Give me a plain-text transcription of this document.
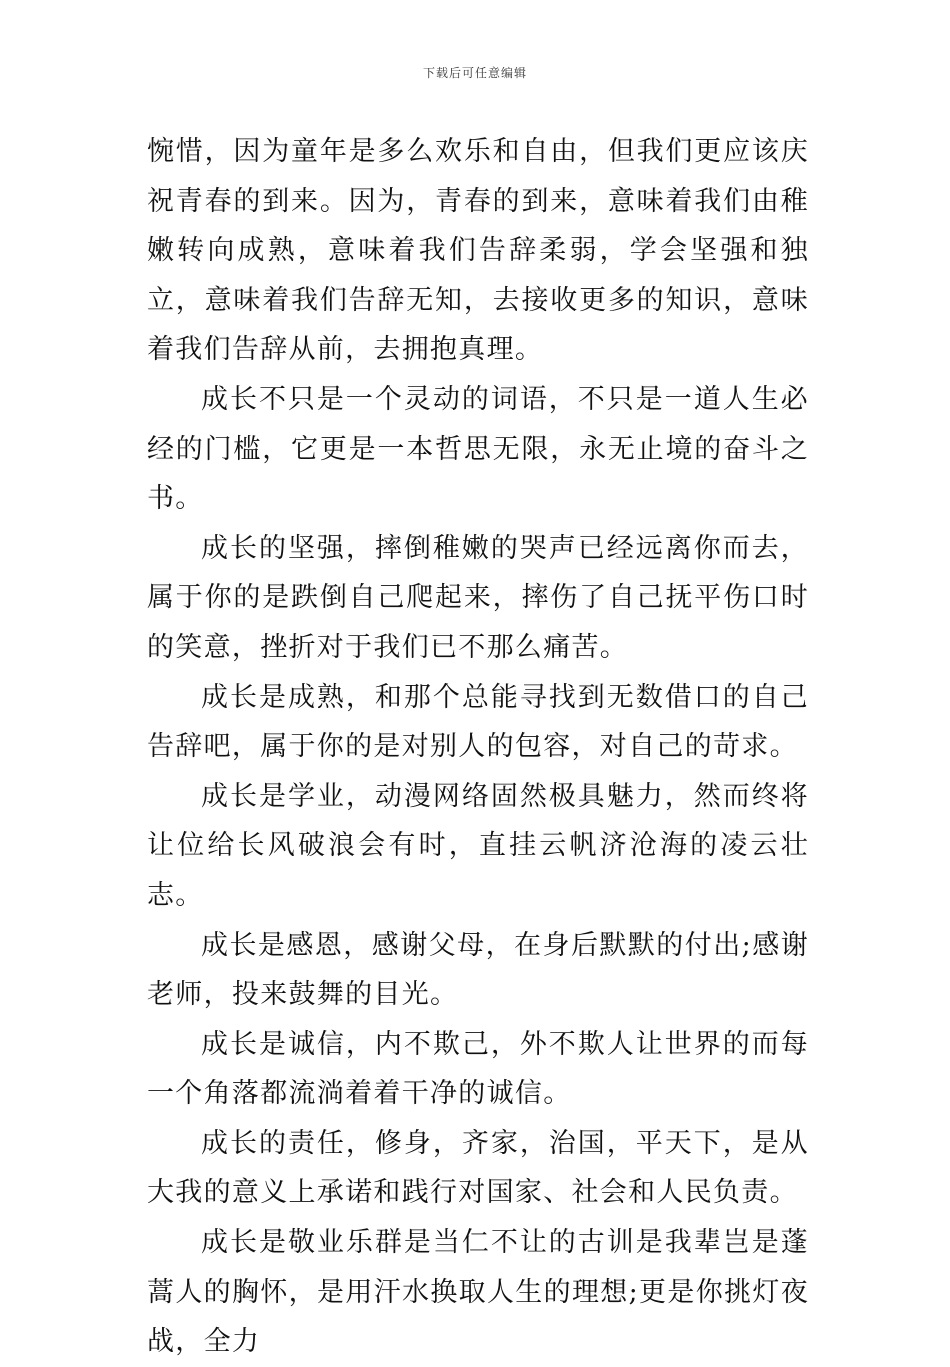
下载后可任意编辑

惋惜，因为童年是多么欢乐和自由，但我们更应该庆祝青春的到来。因为，青春的到来，意味着我们由稚嫩转向成熟，意味着我们告辞柔弱，学会坚强和独立，意味着我们告辞无知，去接收更多的知识，意味着我们告辞从前，去拥抱真理。

成长不只是一个灵动的词语，不只是一道人生必经的门槛，它更是一本哲思无限，永无止境的奋斗之书。

成长的坚强，摔倒稚嫩的哭声已经远离你而去，属于你的是跌倒自己爬起来，摔伤了自己抚平伤口时的笑意，挫折对于我们已不那么痛苦。

成长是成熟，和那个总能寻找到无数借口的自己告辞吧，属于你的是对别人的包容，对自己的苛求。

成长是学业，动漫网络固然极具魅力，然而终将让位给长风破浪会有时，直挂云帆济沧海的凌云壮志。

成长是感恩，感谢父母，在身后默默的付出;感谢老师，投来鼓舞的目光。

成长是诚信，内不欺己，外不欺人让世界的而每一个角落都流淌着着干净的诚信。

成长的责任，修身，齐家，治国，平天下，是从大我的意义上承诺和践行对国家、社会和人民负责。

成长是敬业乐群是当仁不让的古训是我辈岂是蓬蒿人的胸怀，是用汗水换取人生的理想;更是你挑灯夜战，全力
